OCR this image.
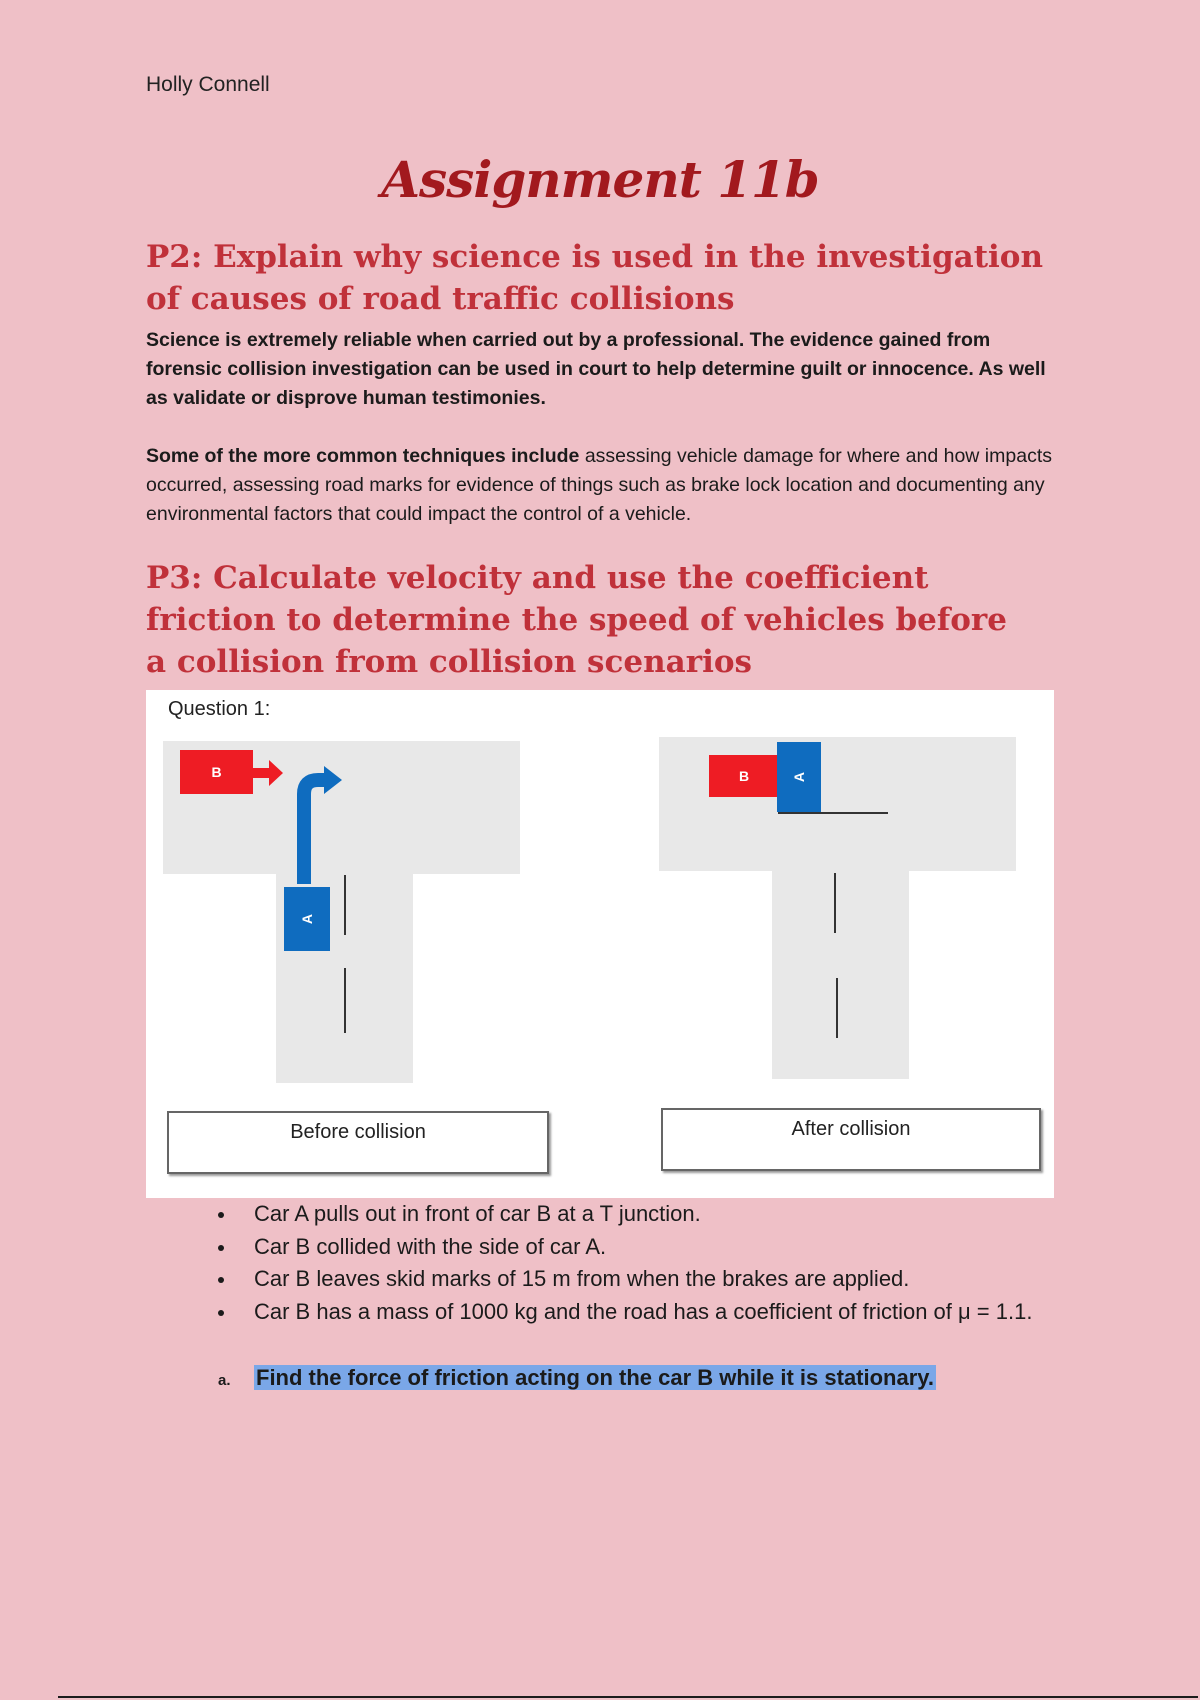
Holly Connell
Assignment 11b
P2: Explain why science is used in the investigation of causes of road traffic collisions

Science is extremely reliable when carried out by a professional. The evidence gained from forensic collision investigation can be used in court to help determine guilt or innocence. As well as validate or disprove human testimonies.

Some of the more common techniques include assessing vehicle damage for where and how impacts occurred, assessing road marks for evidence of things such as brake lock location and documenting any environmental factors that could impact the control of a vehicle.

P3: Calculate velocity and use the coefficient friction to determine the speed of vehicles before a collision from collision scenarios
Question 1:
B
A
B	A
Before collision	After collision
Car A pulls out in front of car B at a T junction.
Car B collided with the side of car A.
Car B leaves skid marks of 15 m from when the brakes are applied.
Car B has a mass of 1000 kg and the road has a coefficient of friction of μ = 1.1.
a. Find the force of friction acting on the car B while it is stationary.
